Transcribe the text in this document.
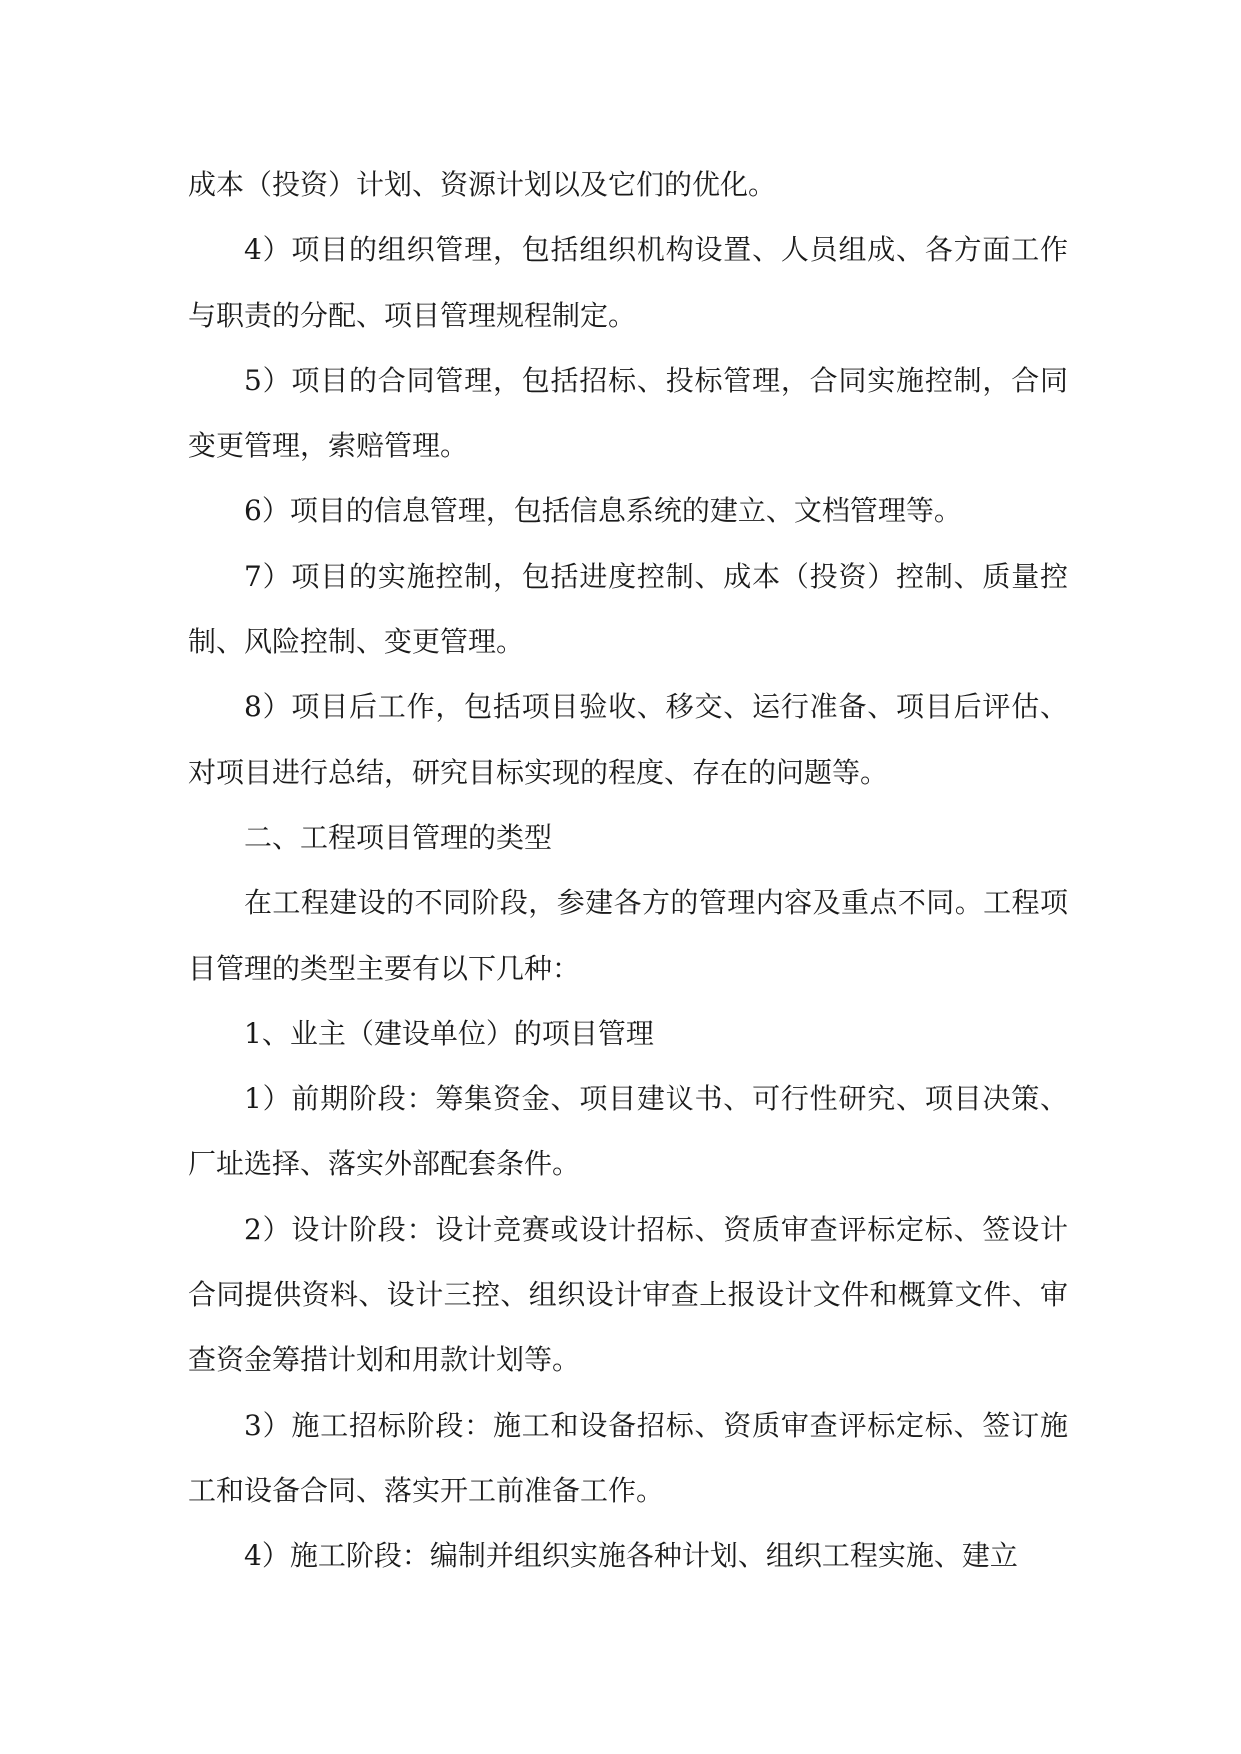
成本（投资）计划、资源计划以及它们的优化。

4）项目的组织管理，包括组织机构设置、人员组成、各方面工作与职责的分配、项目管理规程制定。

5）项目的合同管理，包括招标、投标管理，合同实施控制，合同变更管理，索赔管理。

6）项目的信息管理，包括信息系统的建立、文档管理等。

7）项目的实施控制，包括进度控制、成本（投资）控制、质量控制、风险控制、变更管理。

8）项目后工作，包括项目验收、移交、运行准备、项目后评估、对项目进行总结，研究目标实现的程度、存在的问题等。

二、工程项目管理的类型

在工程建设的不同阶段，参建各方的管理内容及重点不同。工程项目管理的类型主要有以下几种：

1、业主（建设单位）的项目管理

1）前期阶段：筹集资金、项目建议书、可行性研究、项目决策、厂址选择、落实外部配套条件。

2）设计阶段：设计竞赛或设计招标、资质审查评标定标、签设计合同提供资料、设计三控、组织设计审查上报设计文件和概算文件、审查资金筹措计划和用款计划等。

3）施工招标阶段：施工和设备招标、资质审查评标定标、签订施工和设备合同、落实开工前准备工作。

4）施工阶段：编制并组织实施各种计划、组织工程实施、建立
